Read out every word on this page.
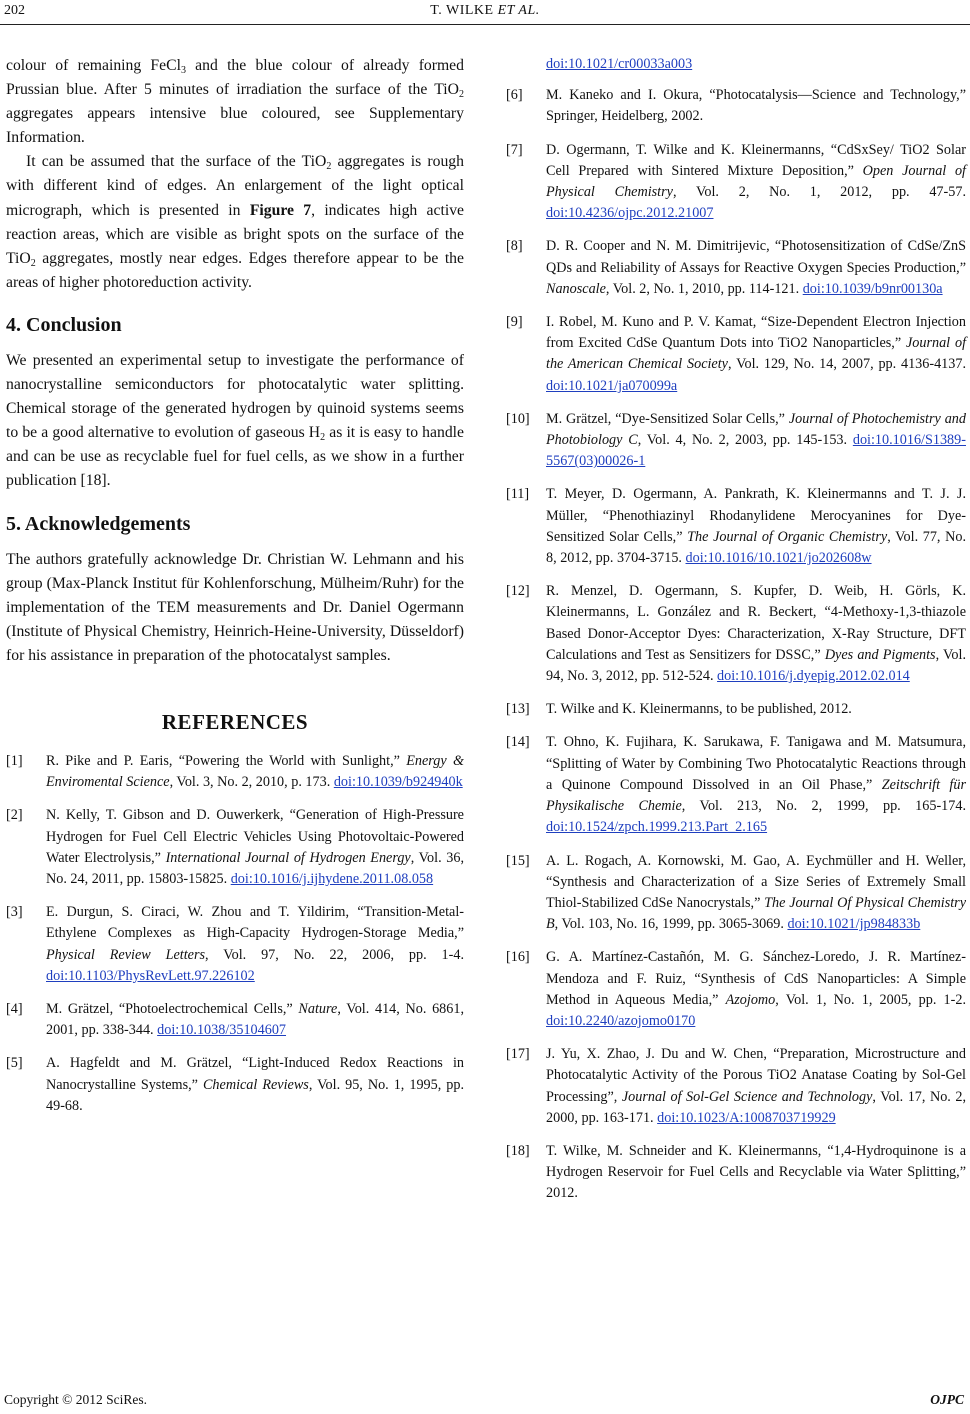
202	T. WILKE ET AL.

colour of remaining FeCl$_3$ and the blue colour of already formed Prussian blue. After 5 minutes of irradiation the surface of the TiO$_2$ aggregates appears intensive blue coloured, see Supplementary Information.

It can be assumed that the surface of the TiO$_2$ aggregates is rough with different kind of edges. An enlargement of the light optical micrograph, which is presented in Figure 7, indicates high active reaction areas, which are visible as bright spots on the surface of the TiO$_2$ aggregates, mostly near edges. Edges therefore appear to be the areas of higher photoreduction activity.

4. Conclusion

We presented an experimental setup to investigate the performance of nanocrystalline semiconductors for photocatalytic water splitting. Chemical storage of the generated hydrogen by quinoid systems seems to be a good alternative to evolution of gaseous $H_2$ as it is easy to handle and can be use as recyclable fuel for fuel cells, as we show in a further publication [18].

5. Acknowledgements

The authors gratefully acknowledge Dr. Christian W. Lehmann and his group (Max-Planck Institut für Kohlenforschung, Mülheim/Ruhr) for the implementation of the TEM measurements and Dr. Daniel Ogermann (Institute of Physical Chemistry, Heinrich-Heine-University, Düsseldorf) for his assistance in preparation of the photocatalyst samples.

REFERENCES
[1]	R. Pike and P. Earis, “Powering the World with Sunlight,” Energy & Enviromental Science, Vol. 3, No. 2, 2010, p. 173. doi:10.1039/b924940k
[2]	N. Kelly, T. Gibson and D. Ouwerkerk, “Generation of High-Pressure Hydrogen for Fuel Cell Electric Vehicles Using Photovoltaic-Powered Water Electrolysis,” International Journal of Hydrogen Energy, Vol. 36, No. 24, 2011, pp. 15803-15825. doi:10.1016/j.ijhydene.2011.08.058
[3]	E. Durgun, S. Ciraci, W. Zhou and T. Yildirim, “Transition-Metal-Ethylene Complexes as High-Capacity Hydrogen-Storage Media,” Physical Review Letters, Vol. 97, No. 22, 2006, pp. 1-4. doi:10.1103/PhysRevLett.97.226102
[4]	M. Grätzel, “Photoelectrochemical Cells,” Nature, Vol. 414, No. 6861, 2001, pp. 338-344. doi:10.1038/35104607
[5]	A. Hagfeldt and M. Grätzel, “Light-Induced Redox Reactions in Nanocrystalline Systems,” Chemical Reviews, Vol. 95, No. 1, 1995, pp. 49-68.
doi:10.1021/cr00033a003
[6]	M. Kaneko and I. Okura, “Photocatalysis—Science and Technology,” Springer, Heidelberg, 2002.
[7]	D. Ogermann, T. Wilke and K. Kleinermanns, “CdSxSey/ TiO2 Solar Cell Prepared with Sintered Mixture Deposition,” Open Journal of Physical Chemistry, Vol. 2, No. 1, 2012, pp. 47-57. doi:10.4236/ojpc.2012.21007
[8]	D. R. Cooper and N. M. Dimitrijevic, “Photosensitization of CdSe/ZnS QDs and Reliability of Assays for Reactive Oxygen Species Production,” Nanoscale, Vol. 2, No. 1, 2010, pp. 114-121. doi:10.1039/b9nr00130a
[9]	I. Robel, M. Kuno and P. V. Kamat, “Size-Dependent Electron Injection from Excited CdSe Quantum Dots into TiO2 Nanoparticles,” Journal of the American Chemical Society, Vol. 129, No. 14, 2007, pp. 4136-4137. doi:10.1021/ja070099a
[10]	M. Grätzel, “Dye-Sensitized Solar Cells,” Journal of Photochemistry and Photobiology C, Vol. 4, No. 2, 2003, pp. 145-153. doi:10.1016/S1389-5567(03)00026-1
[11]	T. Meyer, D. Ogermann, A. Pankrath, K. Kleinermanns and T. J. J. Müller, “Phenothiazinyl Rhodanylidene Merocyanines for Dye-Sensitized Solar Cells,” The Journal of Organic Chemistry, Vol. 77, No. 8, 2012, pp. 3704-3715. doi:10.1016/10.1021/jo202608w
[12]	R. Menzel, D. Ogermann, S. Kupfer, D. Weib, H. Görls, K. Kleinermanns, L. González and R. Beckert, “4-Methoxy-1,3-thiazole Based Donor-Acceptor Dyes: Characterization, X-Ray Structure, DFT Calculations and Test as Sensitizers for DSSC,” Dyes and Pigments, Vol. 94, No. 3, 2012, pp. 512-524. doi:10.1016/j.dyepig.2012.02.014
[13]	T. Wilke and K. Kleinermanns, to be published, 2012.
[14]	T. Ohno, K. Fujihara, K. Sarukawa, F. Tanigawa and M. Matsumura, “Splitting of Water by Combining Two Photocatalytic Reactions through a Quinone Compound Dissolved in an Oil Phase,” Zeitschrift für Physikalische Chemie, Vol. 213, No. 2, 1999, pp. 165-174. doi:10.1524/zpch.1999.213.Part_2.165
[15]	A. L. Rogach, A. Kornowski, M. Gao, A. Eychmüller and H. Weller, “Synthesis and Characterization of a Size Series of Extremely Small Thiol-Stabilized CdSe Nanocrystals,” The Journal Of Physical Chemistry B, Vol. 103, No. 16, 1999, pp. 3065-3069. doi:10.1021/jp984833b
[16]	G. A. Martínez-Castañón, M. G. Sánchez-Loredo, J. R. Martínez-Mendoza and F. Ruiz, “Synthesis of CdS Nanoparticles: A Simple Method in Aqueous Media,” Azojomo, Vol. 1, No. 1, 2005, pp. 1-2. doi:10.2240/azojomo0170
[17]	J. Yu, X. Zhao, J. Du and W. Chen, “Preparation, Microstructure and Photocatalytic Activity of the Porous TiO2 Anatase Coating by Sol-Gel Processing”, Journal of Sol-Gel Science and Technology, Vol. 17, No. 2, 2000, pp. 163-171. doi:10.1023/A:1008703719929
[18]	T. Wilke, M. Schneider and K. Kleinermanns, “1,4-Hydroquinone is a Hydrogen Reservoir for Fuel Cells and Recyclable via Water Splitting,” 2012.
Copyright © 2012 SciRes.	OJPC
